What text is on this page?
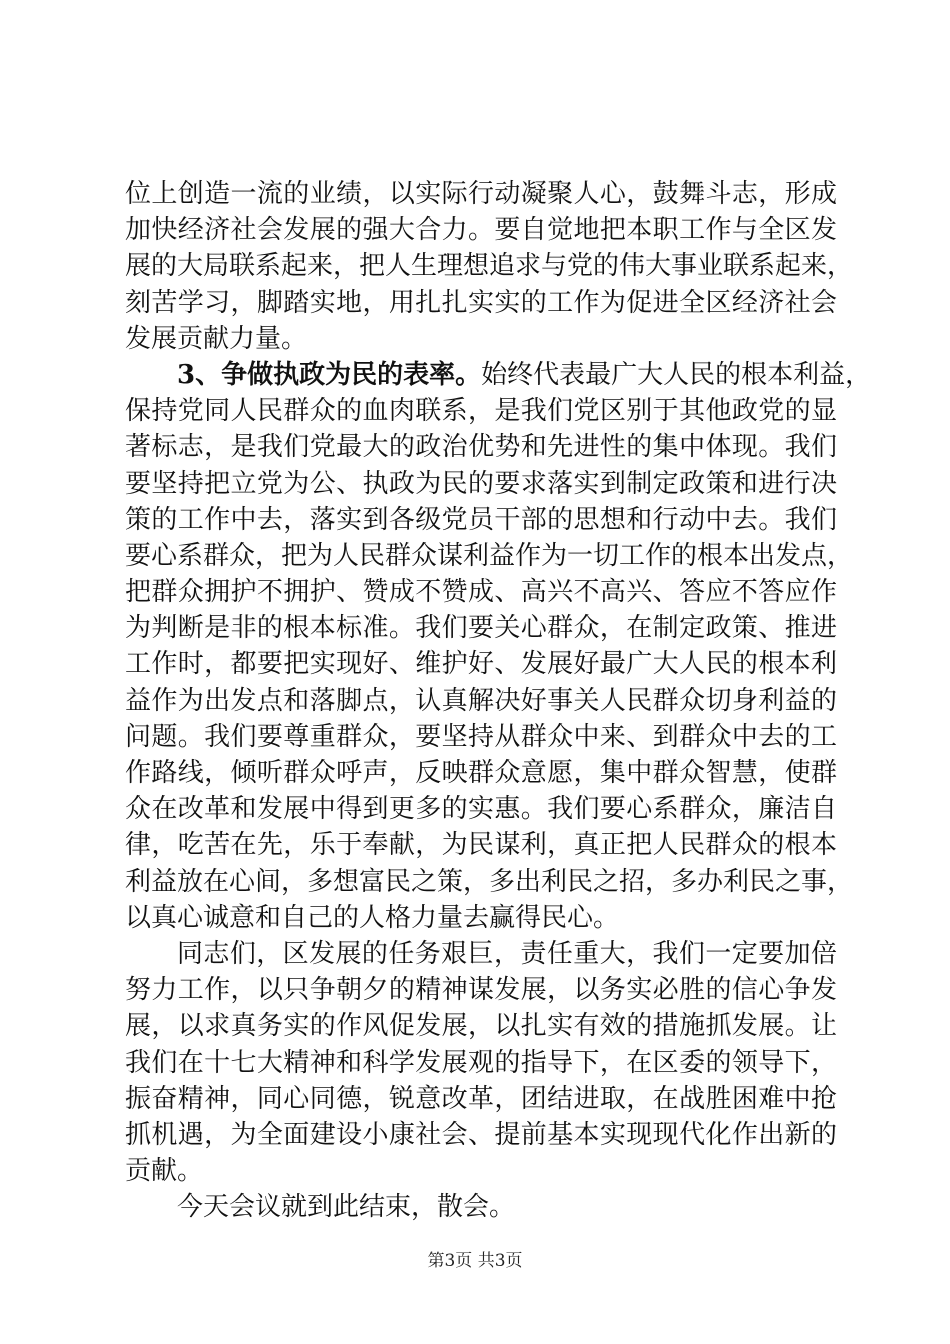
位上创造一流的业绩，以实际行动凝聚人心，鼓舞斗志，形成
加快经济社会发展的强大合力。要自觉地把本职工作与全区发
展的大局联系起来，把人生理想追求与党的伟大事业联系起来，
刻苦学习，脚踏实地，用扎扎实实的工作为促进全区经济社会
发展贡献力量。
3、争做执政为民的表率。始终代表最广大人民的根本利益，
保持党同人民群众的血肉联系，是我们党区别于其他政党的显
著标志，是我们党最大的政治优势和先进性的集中体现。我们
要坚持把立党为公、执政为民的要求落实到制定政策和进行决
策的工作中去，落实到各级党员干部的思想和行动中去。我们
要心系群众，把为人民群众谋利益作为一切工作的根本出发点，
把群众拥护不拥护、赞成不赞成、高兴不高兴、答应不答应作
为判断是非的根本标准。我们要关心群众，在制定政策、推进
工作时，都要把实现好、维护好、发展好最广大人民的根本利
益作为出发点和落脚点，认真解决好事关人民群众切身利益的
问题。我们要尊重群众，要坚持从群众中来、到群众中去的工
作路线，倾听群众呼声，反映群众意愿，集中群众智慧，使群
众在改革和发展中得到更多的实惠。我们要心系群众，廉洁自
律，吃苦在先，乐于奉献，为民谋利，真正把人民群众的根本
利益放在心间，多想富民之策，多出利民之招，多办利民之事，
以真心诚意和自己的人格力量去赢得民心。
同志们，区发展的任务艰巨，责任重大，我们一定要加倍
努力工作，以只争朝夕的精神谋发展，以务实必胜的信心争发
展，以求真务实的作风促发展，以扎实有效的措施抓发展。让
我们在十七大精神和科学发展观的指导下，在区委的领导下，
振奋精神，同心同德，锐意改革，团结进取，在战胜困难中抢
抓机遇，为全面建设小康社会、提前基本实现现代化作出新的
贡献。
今天会议就到此结束，散会。
第3页 共3页
